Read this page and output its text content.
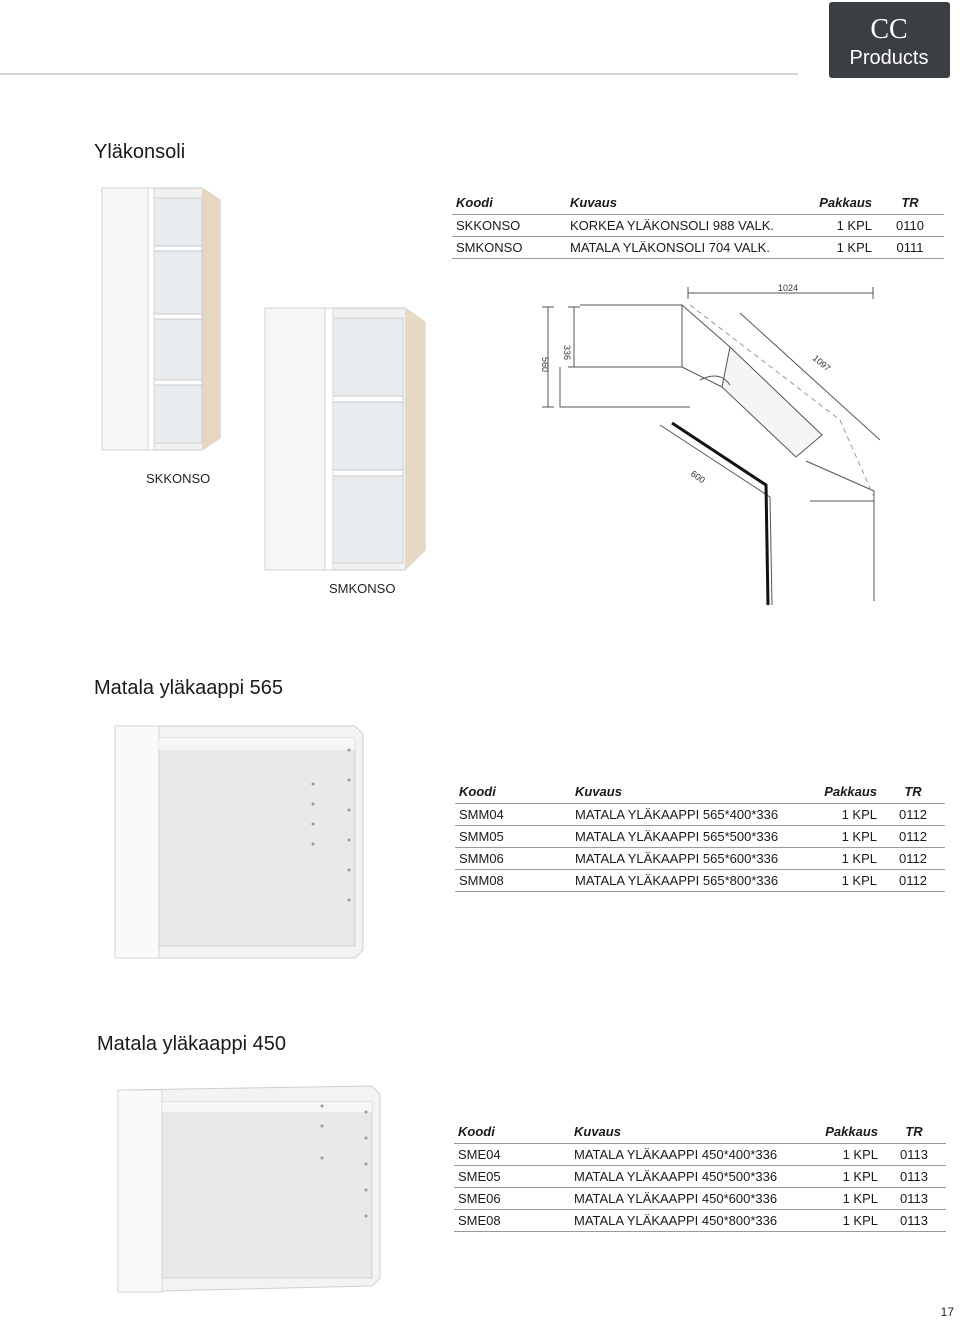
CC
Products
Yläkonsoli
Koodi	Kuvaus	Pakkaus	TR
SKKONSO	KORKEA YLÄKONSOLI 988 VALK.	1 KPL	0110
SMKONSO	MATALA YLÄKONSOLI 704 VALK.	1 KPL	0111
SKKONSO
SMKONSO
1024
336
560	1097
600
Matala yläkaappi 565
Koodi	Kuvaus	Pakkaus	TR
SMM04	MATALA YLÄKAAPPI 565*400*336	1 KPL	0112
SMM05	MATALA YLÄKAAPPI 565*500*336	1 KPL	0112
SMM06	MATALA YLÄKAAPPI 565*600*336	1 KPL	0112
SMM08	MATALA YLÄKAAPPI 565*800*336	1 KPL	0112
Matala yläkaappi 450
Koodi	Kuvaus	Pakkaus	TR
SME04	MATALA YLÄKAAPPI 450*400*336	1 KPL	0113
SME05	MATALA YLÄKAAPPI 450*500*336	1 KPL	0113
SME06	MATALA YLÄKAAPPI 450*600*336	1 KPL	0113
SME08	MATALA YLÄKAAPPI 450*800*336	1 KPL	0113
17
